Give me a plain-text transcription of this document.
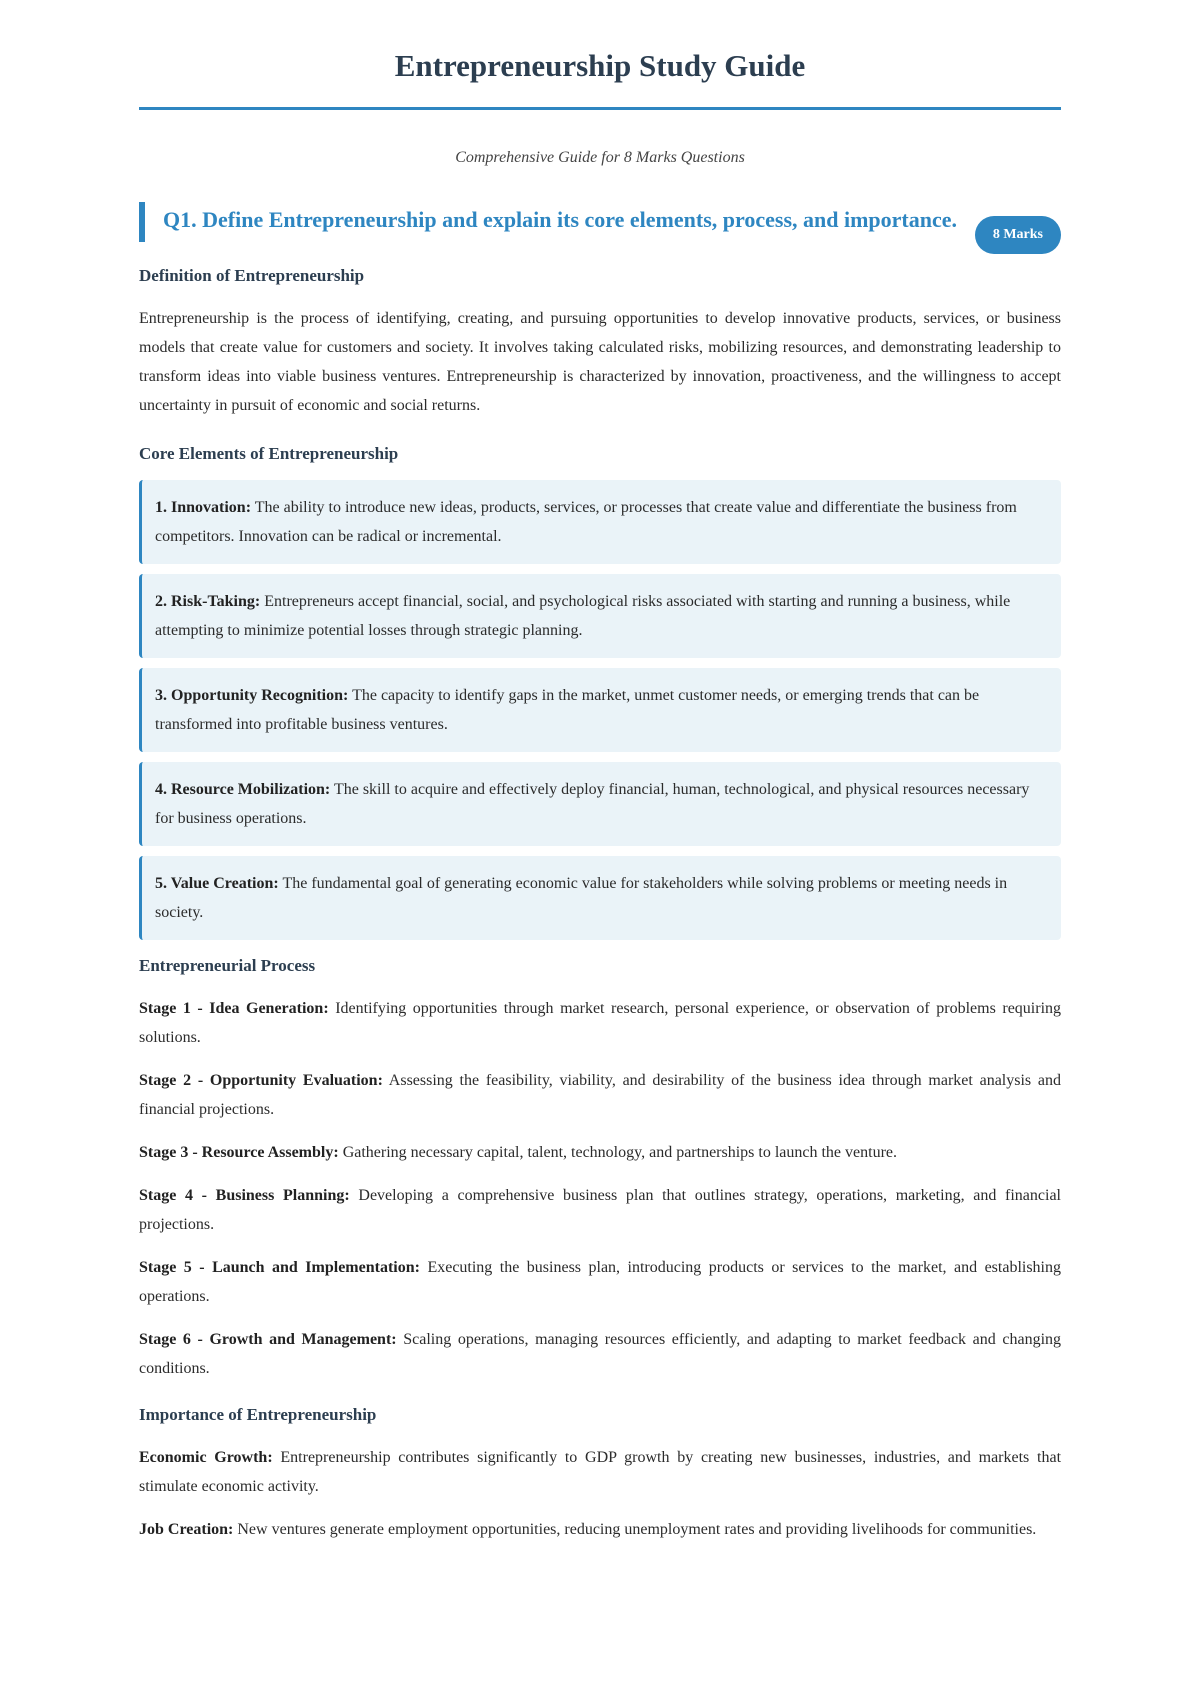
Entrepreneurship Study Guide
Comprehensive Guide for 8 Marks Questions
Q1. Define Entrepreneurship and explain its core elements, process, and importance.
8 Marks
Definition of Entrepreneurship
Entrepreneurship is the process of identifying, creating, and pursuing opportunities to develop innovative products, services, or business models that create value for customers and society. It involves taking calculated risks, mobilizing resources, and demonstrating leadership to transform ideas into viable business ventures. Entrepreneurship is characterized by innovation, proactiveness, and the willingness to accept uncertainty in pursuit of economic and social returns.
Core Elements of Entrepreneurship
1. Innovation: The ability to introduce new ideas, products, services, or processes that create value and differentiate the business from competitors. Innovation can be radical or incremental.
2. Risk-Taking: Entrepreneurs accept financial, social, and psychological risks associated with starting and running a business, while attempting to minimize potential losses through strategic planning.
3. Opportunity Recognition: The capacity to identify gaps in the market, unmet customer needs, or emerging trends that can be transformed into profitable business ventures.
4. Resource Mobilization: The skill to acquire and effectively deploy financial, human, technological, and physical resources necessary for business operations.
5. Value Creation: The fundamental goal of generating economic value for stakeholders while solving problems or meeting needs in society.
Entrepreneurial Process
Stage 1 - Idea Generation: Identifying opportunities through market research, personal experience, or observation of problems requiring solutions.
Stage 2 - Opportunity Evaluation: Assessing the feasibility, viability, and desirability of the business idea through market analysis and financial projections.
Stage 3 - Resource Assembly: Gathering necessary capital, talent, technology, and partnerships to launch the venture.
Stage 4 - Business Planning: Developing a comprehensive business plan that outlines strategy, operations, marketing, and financial projections.
Stage 5 - Launch and Implementation: Executing the business plan, introducing products or services to the market, and establishing operations.
Stage 6 - Growth and Management: Scaling operations, managing resources efficiently, and adapting to market feedback and changing conditions.
Importance of Entrepreneurship
Economic Growth: Entrepreneurship contributes significantly to GDP growth by creating new businesses, industries, and markets that stimulate economic activity.
Job Creation: New ventures generate employment opportunities, reducing unemployment rates and providing livelihoods for communities.
